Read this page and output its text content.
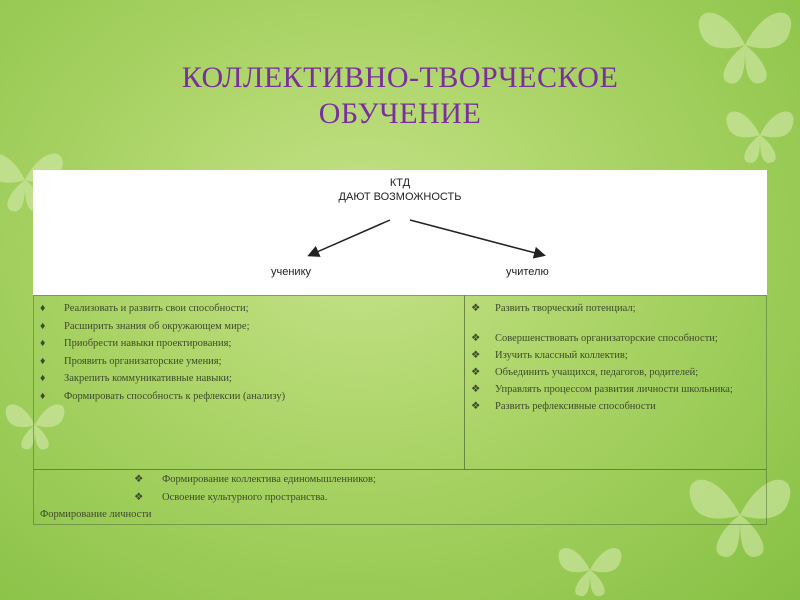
КОЛЛЕКТИВНО-ТВОРЧЕСКОЕ
ОБУЧЕНИЕ
КТД
ДАЮТ ВОЗМОЖНОСТЬ
ученику	учителю
♦ Реализовать и развить свои способности;
♦ Расширить знания об окружающем мире;
♦ Приобрести навыки проектирования;
♦ Проявить организаторские умения;
♦ Закрепить коммуникативные навыки;
♦ Формировать способность к рефлексии (анализу)
❖ Развить творческий потенциал;
❖ Совершенствовать организаторские способности;
❖ Изучить классный коллектив;
❖ Объединить учащихся, педагогов, родителей;
❖ Управлять процессом развития личности школьника;
❖ Развить рефлексивные способности
❖ Формирование коллектива единомышленников;
❖ Освоение культурного пространства.
Формирование личности
